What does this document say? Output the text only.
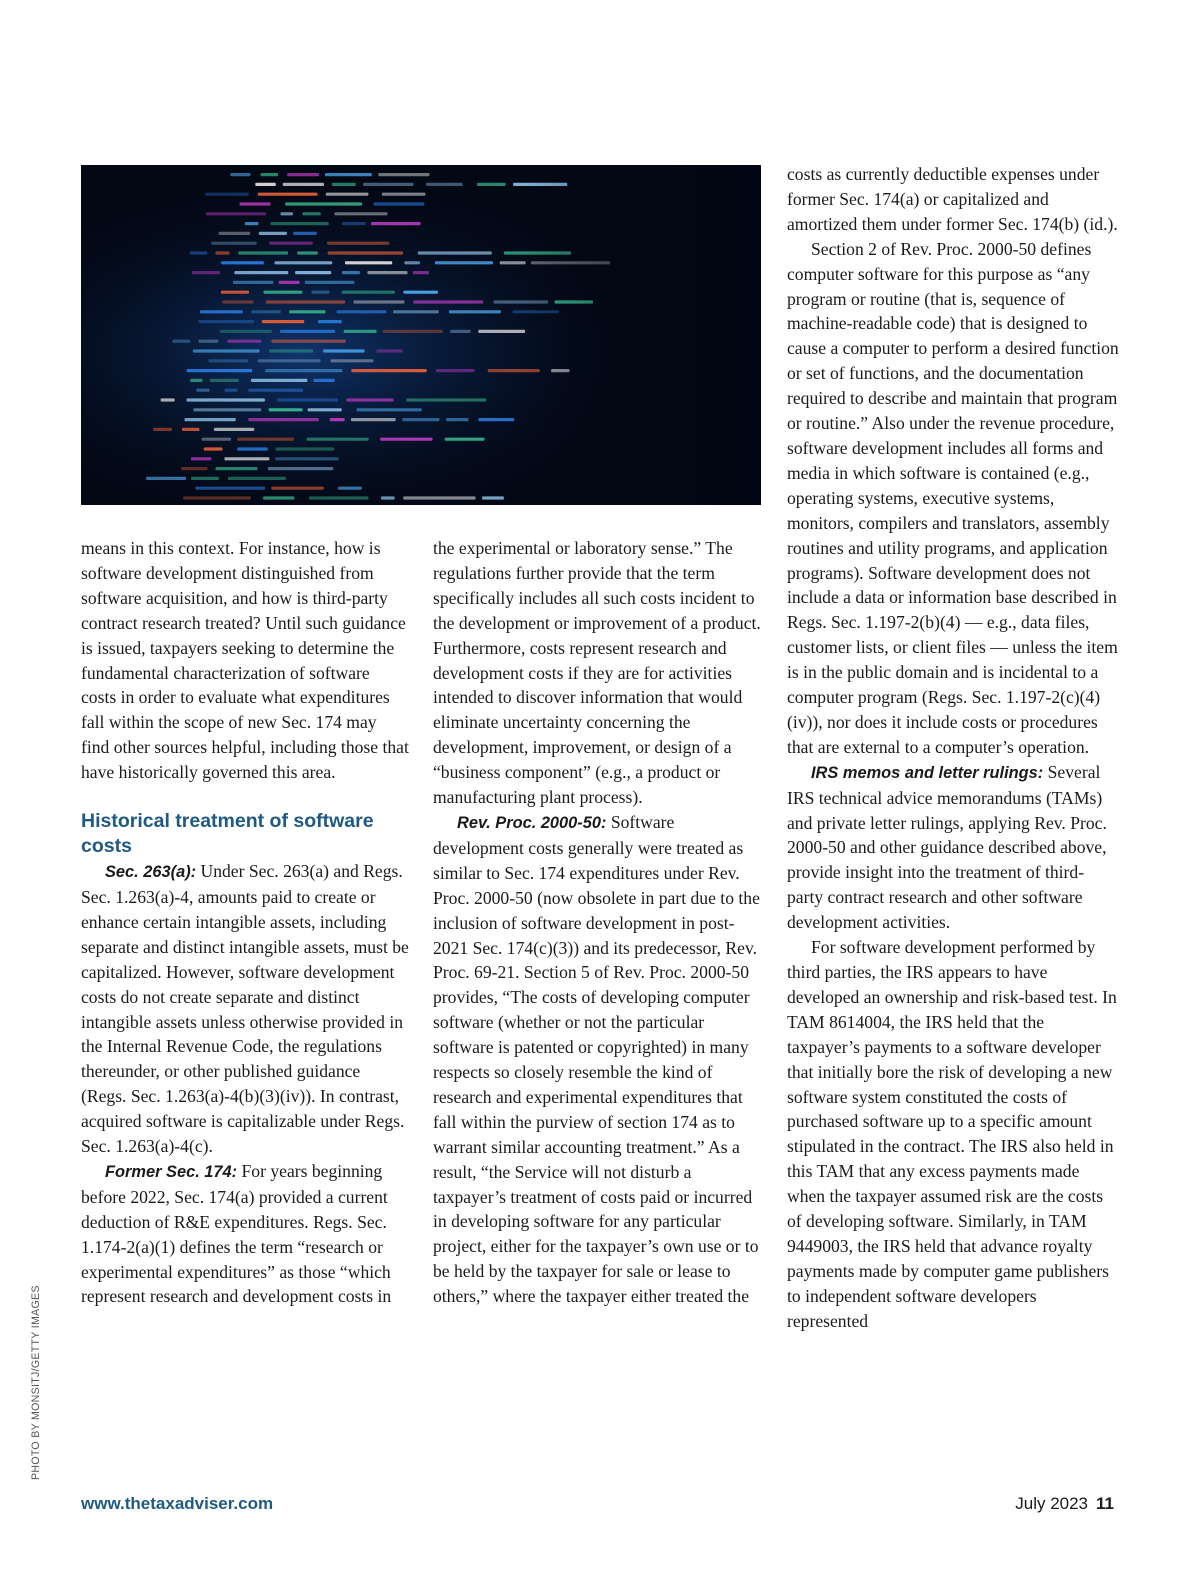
means in this context. For instance, how is software development distinguished from software acquisition, and how is third-party contract research treated? Until such guidance is issued, taxpayers seeking to determine the fundamental characterization of software costs in order to evaluate what expenditures fall within the scope of new Sec. 174 may find other sources helpful, including those that have historically governed this area.

Historical treatment of software costs

Sec. 263(a): Under Sec. 263(a) and Regs. Sec. 1.263(a)-4, amounts paid to create or enhance certain intangible assets, including separate and distinct intangible assets, must be capitalized. However, software development costs do not create separate and distinct intangible assets unless otherwise provided in the Internal Revenue Code, the regulations thereunder, or other published guidance (Regs. Sec. 1.263(a)-4(b)(3)(iv)). In contrast, acquired software is capitalizable under Regs. Sec. 1.263(a)-4(c).

Former Sec. 174: For years beginning before 2022, Sec. 174(a) provided a current deduction of R&E expenditures. Regs. Sec. 1.174-2(a)(1) defines the term “research or experimental expenditures” as those “which represent research and development costs in

the experimental or laboratory sense.” The regulations further provide that the term specifically includes all such costs incident to the development or improvement of a product. Furthermore, costs represent research and development costs if they are for activities intended to discover information that would eliminate uncertainty concerning the development, improvement, or design of a “business component” (e.g., a product or manufacturing plant process).

Rev. Proc. 2000-50: Software development costs generally were treated as similar to Sec. 174 expenditures under Rev. Proc. 2000-50 (now obsolete in part due to the inclusion of software development in post-2021 Sec. 174(c)(3)) and its predecessor, Rev. Proc. 69-21. Section 5 of Rev. Proc. 2000-50 provides, “The costs of developing computer software (whether or not the particular software is patented or copyrighted) in many respects so closely resemble the kind of research and experimental expenditures that fall within the purview of section 174 as to warrant similar accounting treatment.” As a result, “the Service will not disturb a taxpayer’s treatment of costs paid or incurred in developing software for any particular project, either for the taxpayer’s own use or to be held by the taxpayer for sale or lease to others,” where the taxpayer either treated the

costs as currently deductible expenses under former Sec. 174(a) or capitalized and amortized them under former Sec. 174(b) (id.).

Section 2 of Rev. Proc. 2000-50 defines computer software for this purpose as “any program or routine (that is, sequence of machine-readable code) that is designed to cause a computer to perform a desired function or set of functions, and the documentation required to describe and maintain that program or routine.” Also under the revenue procedure, software development includes all forms and media in which software is contained (e.g., operating systems, executive systems, monitors, compilers and translators, assembly routines and utility programs, and application programs). Software development does not include a data or information base described in Regs. Sec. 1.197-2(b)(4) — e.g., data files, customer lists, or client files — unless the item is in the public domain and is incidental to a computer program (Regs. Sec. 1.197-2(c)(4)(iv)), nor does it include costs or procedures that are external to a computer’s operation.

IRS memos and letter rulings: Several IRS technical advice memorandums (TAMs) and private letter rulings, applying Rev. Proc. 2000-50 and other guidance described above, provide insight into the treatment of third-party contract research and other software development activities.

For software development performed by third parties, the IRS appears to have developed an ownership and risk-based test. In TAM 8614004, the IRS held that the taxpayer’s payments to a software developer that initially bore the risk of developing a new software system constituted the costs of purchased software up to a specific amount stipulated in the contract. The IRS also held in this TAM that any excess payments made when the taxpayer assumed risk are the costs of developing software. Similarly, in TAM 9449003, the IRS held that advance royalty payments made by computer game publishers to independent software developers represented

PHOTO BY MONSITJ/GETTY IMAGES
www.thetaxadviser.com	July 2023 11
